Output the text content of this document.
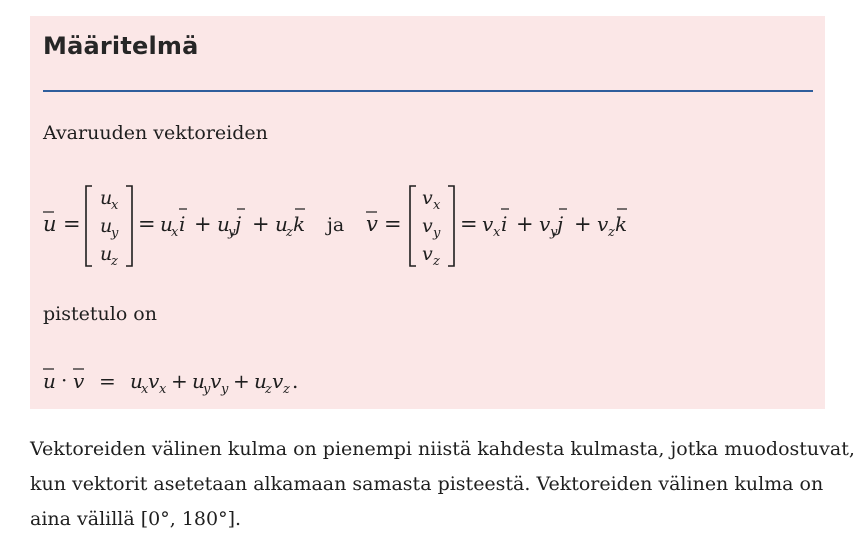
Määritelmä
Avaruuden vektoreiden
pistetulo on
u =
u
x
u
y
u
z
= u
x i + u
y j + u
z k ja v =
v x
v y
v z
= v x i + v y j + v z k
u · v = u
x v x + u
y v y + u
z v z .
Vektoreiden välinen kulma on pienempi niistä kahdesta kulmasta, jotka muodostuvat,
kun vektorit asetetaan alkamaan samasta pisteestä. Vektoreiden välinen kulma on
aina välillä [0°, 180°].
